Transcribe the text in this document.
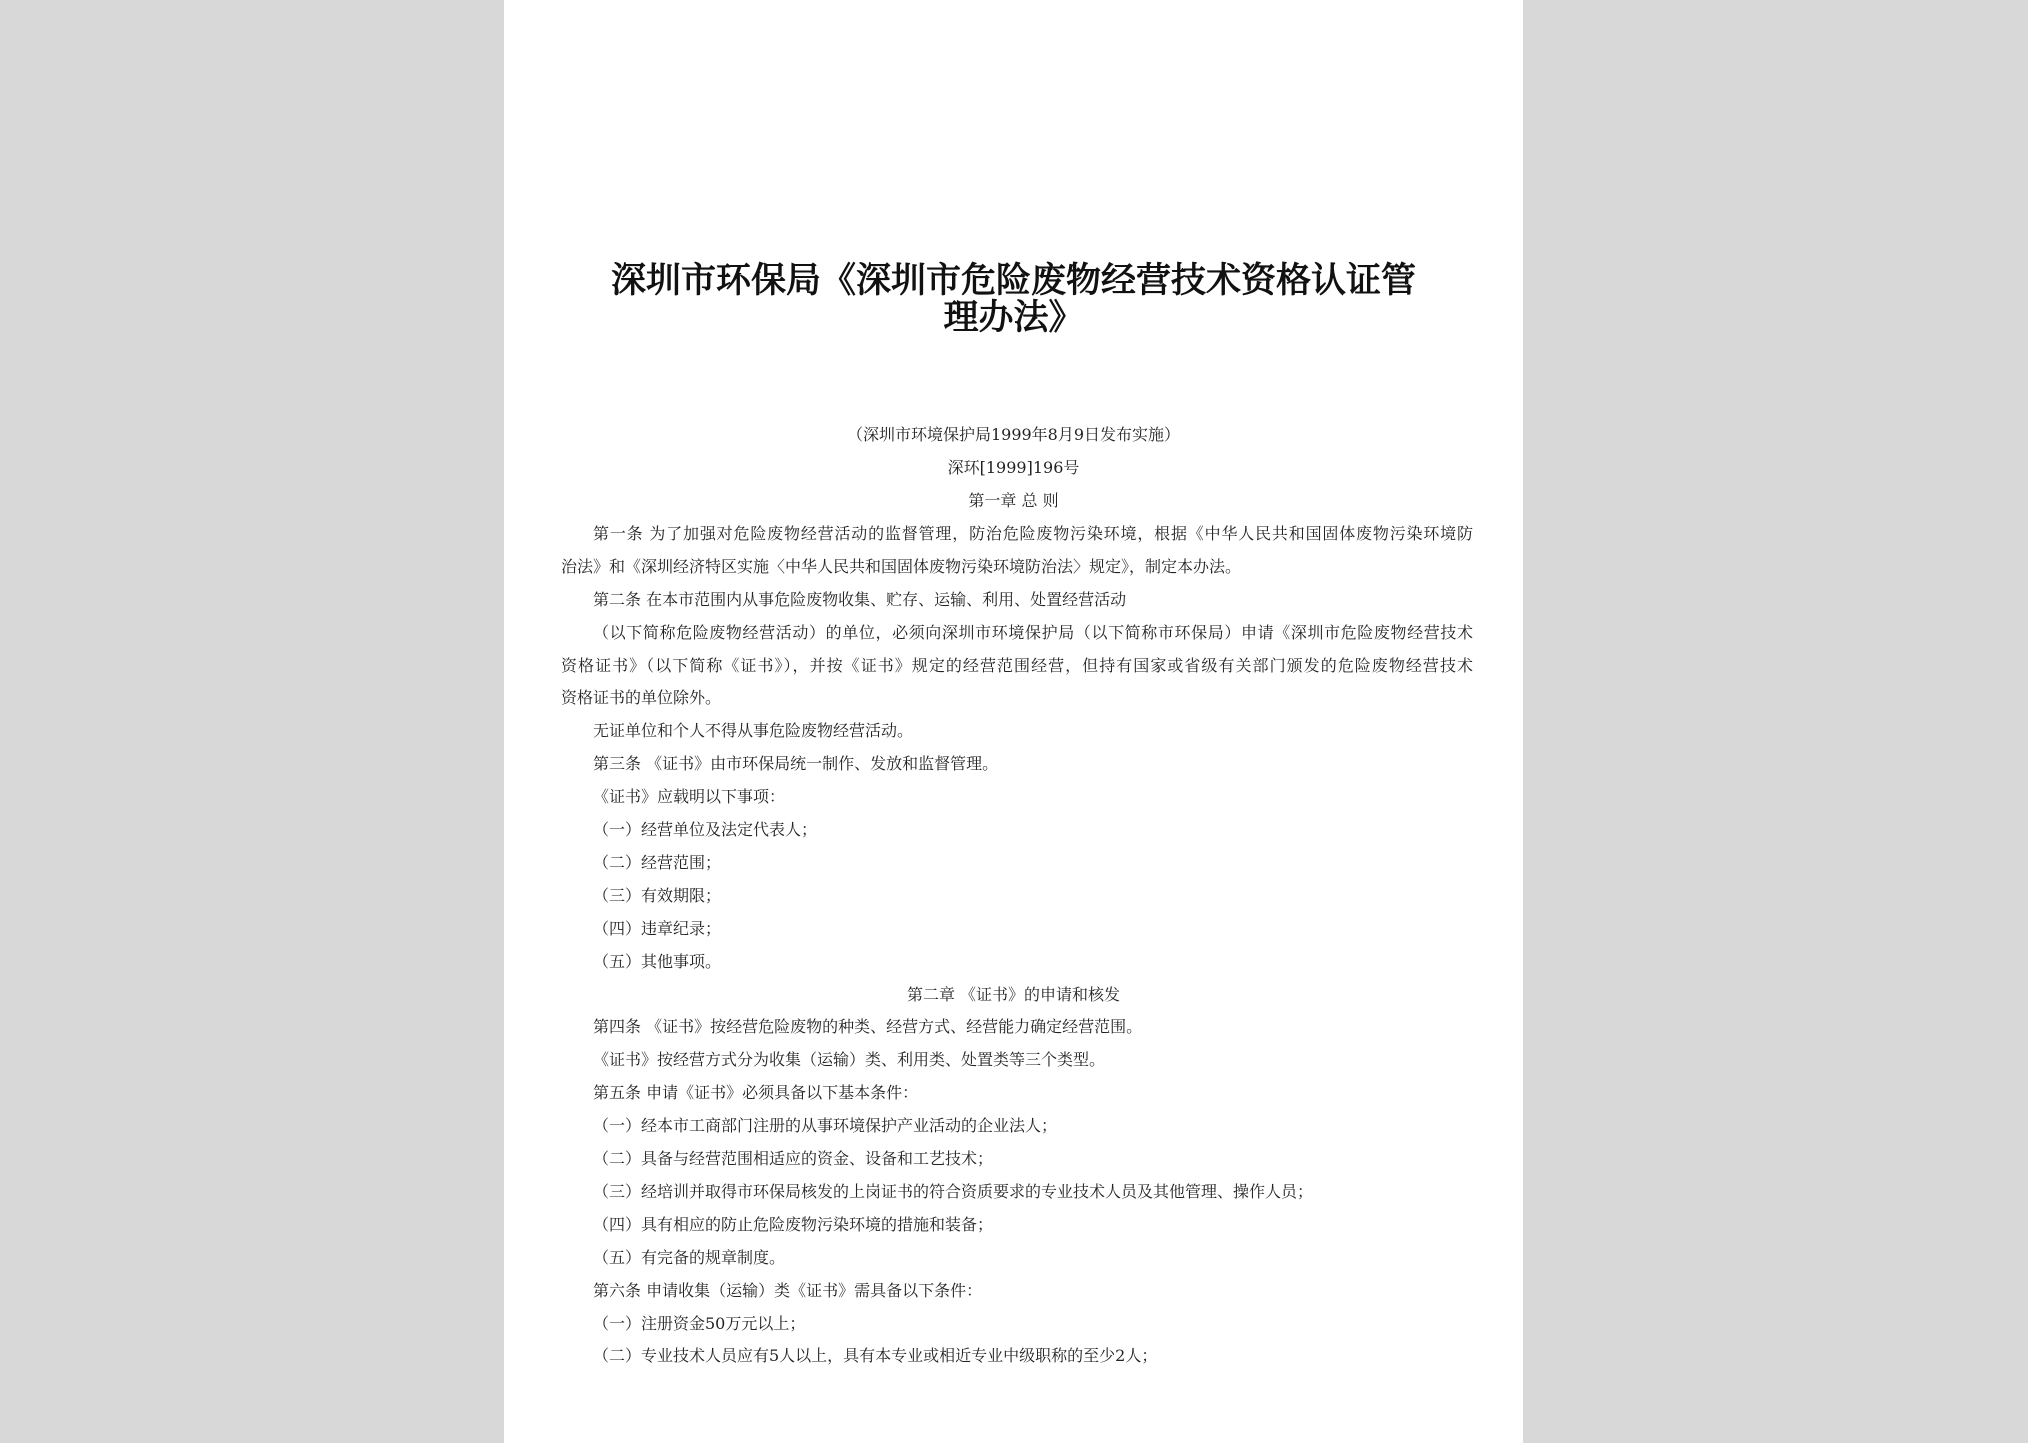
深圳市环保局《深圳市危险废物经营技术资格认证管
理办法》
（深圳市环境保护局1999年8月9日发布实施）
深环[1999]196号
第一章 总 则
第一条 为了加强对危险废物经营活动的监督管理，防治危险废物污染环境，根据《中华人民共和国固体废物污染环境防
治法》和《深圳经济特区实施〈中华人民共和国固体废物污染环境防治法〉规定》，制定本办法。
第二条 在本市范围内从事危险废物收集、贮存、运输、利用、处置经营活动
（以下简称危险废物经营活动）的单位，必须向深圳市环境保护局（以下简称市环保局）申请《深圳市危险废物经营技术
资格证书》（以下简称《证书》），并按《证书》规定的经营范围经营，但持有国家或省级有关部门颁发的危险废物经营技术
资格证书的单位除外。
无证单位和个人不得从事危险废物经营活动。
第三条 《证书》由市环保局统一制作、发放和监督管理。
《证书》应载明以下事项：
（一）经营单位及法定代表人；
（二）经营范围；
（三）有效期限；
（四）违章纪录；
（五）其他事项。
第二章 《证书》的申请和核发
第四条 《证书》按经营危险废物的种类、经营方式、经营能力确定经营范围。
《证书》按经营方式分为收集（运输）类、利用类、处置类等三个类型。
第五条 申请《证书》必须具备以下基本条件：
（一）经本市工商部门注册的从事环境保护产业活动的企业法人；
（二）具备与经营范围相适应的资金、设备和工艺技术；
（三）经培训并取得市环保局核发的上岗证书的符合资质要求的专业技术人员及其他管理、操作人员；
（四）具有相应的防止危险废物污染环境的措施和装备；
（五）有完备的规章制度。
第六条 申请收集（运输）类《证书》需具备以下条件：
（一）注册资金50万元以上；
（二）专业技术人员应有5人以上，具有本专业或相近专业中级职称的至少2人；
